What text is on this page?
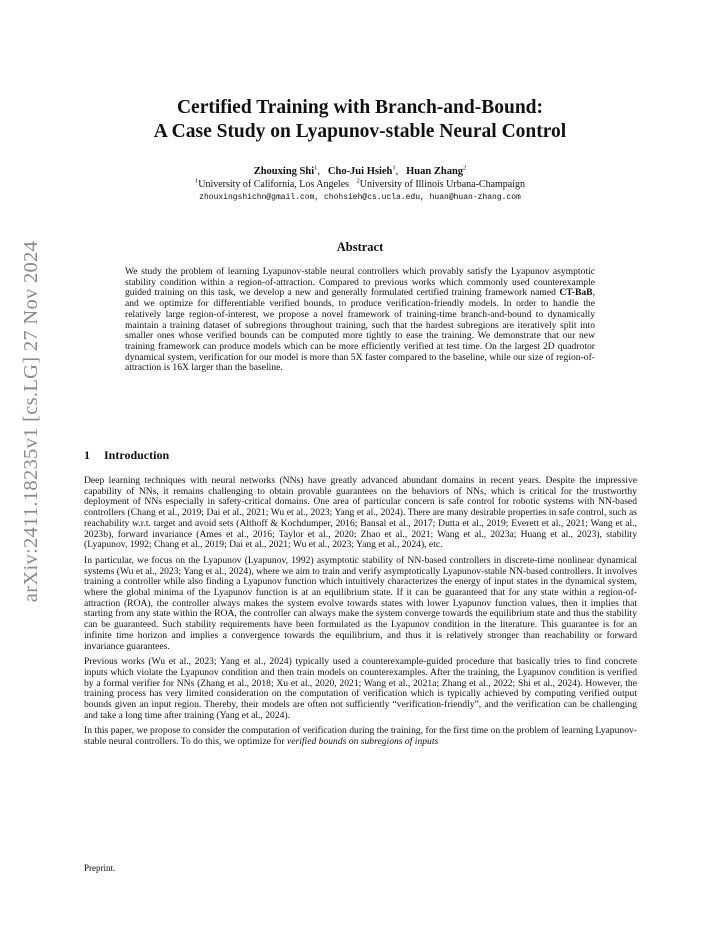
arXiv:2411.18235v1 [cs.LG] 27 Nov 2024
Certified Training with Branch-and-Bound:
A Case Study on Lyapunov-stable Neural Control
Zhouxing Shi$^1$,   Cho-Jui Hsieh$^1$,   Huan Zhang$^2$
$^1$University of California, Los Angeles $^2$University of Illinois Urbana-Champaign
zhouxingshichn@gmail.com, chohsieh@cs.ucla.edu, huan@huan-zhang.com
Abstract
We study the problem of learning Lyapunov-stable neural controllers which provably satisfy the Lyapunov asymptotic stability condition within a region-of-attraction. Compared to previous works which commonly used counterexample guided training on this task, we develop a new and generally formulated certified training framework named CT-BaB, and we optimize for differentiable verified bounds, to produce verification-friendly models. In order to handle the relatively large region-of-interest, we propose a novel framework of training-time branch-and-bound to dynamically maintain a training dataset of subregions throughout training, such that the hardest subregions are iteratively split into smaller ones whose verified bounds can be computed more tightly to ease the training. We demonstrate that our new training framework can produce models which can be more efficiently verified at test time. On the largest 2D quadrotor dynamical system, verification for our model is more than 5X faster compared to the baseline, while our size of region-of-attraction is 16X larger than the baseline.
1 Introduction

Deep learning techniques with neural networks (NNs) have greatly advanced abundant domains in recent years. Despite the impressive capability of NNs, it remains challenging to obtain provable guarantees on the behaviors of NNs, which is critical for the trustworthy deployment of NNs especially in safety-critical domains. One area of particular concern is safe control for robotic systems with NN-based controllers (Chang et al., 2019; Dai et al., 2021; Wu et al., 2023; Yang et al., 2024). There are many desirable properties in safe control, such as reachability w.r.t. target and avoid sets (Althoff & Kochdumper, 2016; Bansal et al., 2017; Dutta et al., 2019; Everett et al., 2021; Wang et al., 2023b), forward invariance (Ames et al., 2016; Taylor et al., 2020; Zhao et al., 2021; Wang et al., 2023a; Huang et al., 2023), stability (Lyapunov, 1992; Chang et al., 2019; Dai et al., 2021; Wu et al., 2023; Yang et al., 2024), etc.

In particular, we focus on the Lyapunov (Lyapunov, 1992) asymptotic stability of NN-based controllers in discrete-time nonlinear dynamical systems (Wu et al., 2023; Yang et al., 2024), where we aim to train and verify asymptotically Lyapunov-stable NN-based controllers. It involves training a controller while also finding a Lyapunov function which intuitively characterizes the energy of input states in the dynamical system, where the global minima of the Lyapunov function is at an equilibrium state. If it can be guaranteed that for any state within a region-of-attraction (ROA), the controller always makes the system evolve towards states with lower Lyapunov function values, then it implies that starting from any state within the ROA, the controller can always make the system converge towards the equilibrium state and thus the stability can be guaranteed. Such stability requirements have been formulated as the Lyapunov condition in the literature. This guarantee is for an infinite time horizon and implies a convergence towards the equilibrium, and thus it is relatively stronger than reachability or forward invariance guarantees.

Previous works (Wu et al., 2023; Yang et al., 2024) typically used a counterexample-guided procedure that basically tries to find concrete inputs which violate the Lyapunov condition and then train models on counterexamples. After the training, the Lyapunov condition is verified by a formal verifier for NNs (Zhang et al., 2018; Xu et al., 2020, 2021; Wang et al., 2021a; Zhang et al., 2022; Shi et al., 2024). However, the training process has very limited consideration on the computation of verification which is typically achieved by computing verified output bounds given an input region. Thereby, their models are often not sufficiently “verification-friendly”, and the verification can be challenging and take a long time after training (Yang et al., 2024).

In this paper, we propose to consider the computation of verification during the training, for the first time on the problem of learning Lyapunov-stable neural controllers. To do this, we optimize for verified bounds on subregions of inputs

Preprint.
